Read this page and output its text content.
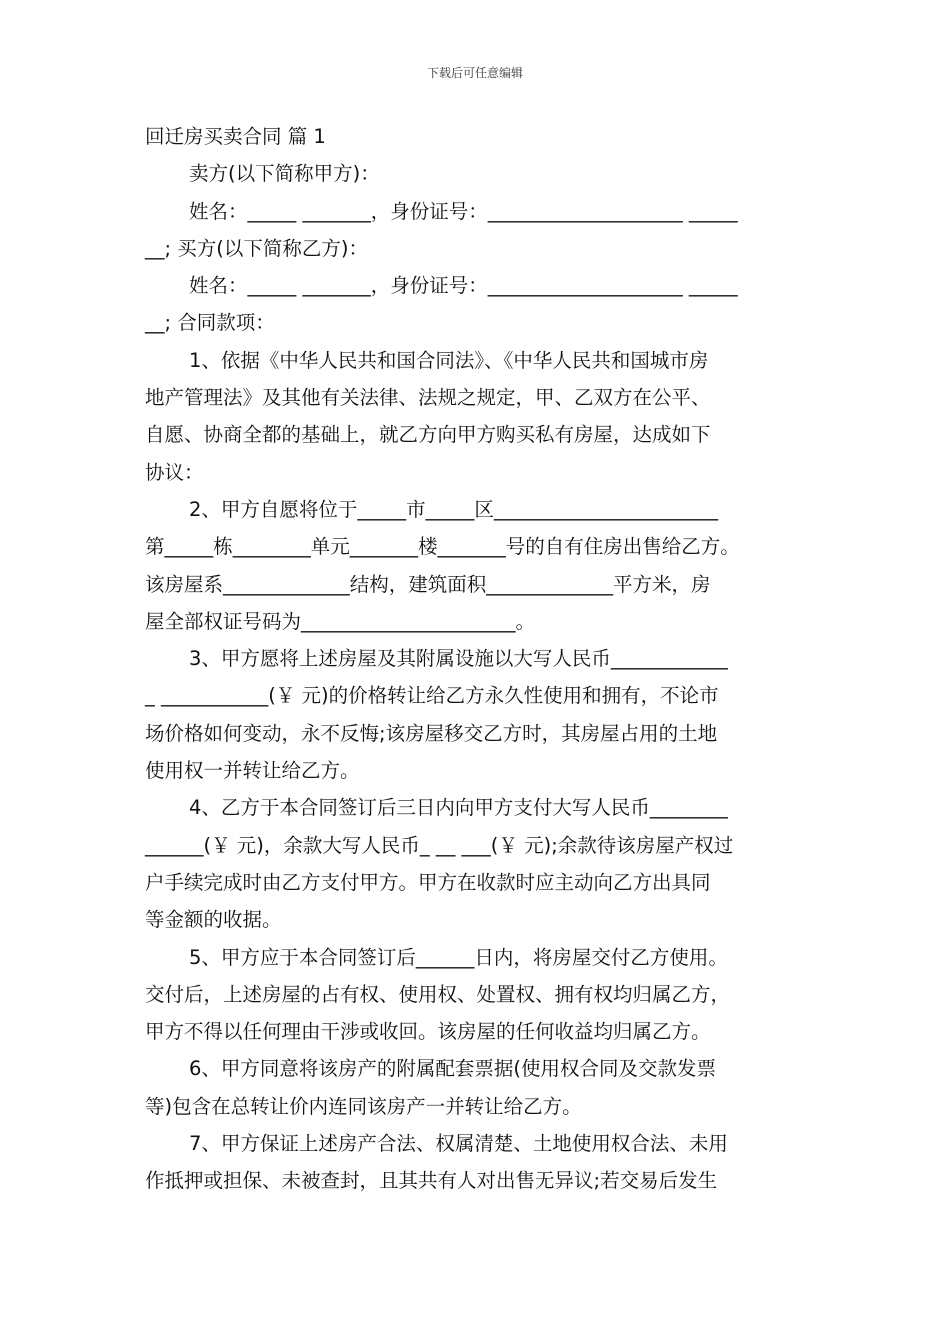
下载后可任意编辑

回迁房买卖合同 篇 1

卖方(以下简称甲方)：

姓名：_____ _______，身份证号：____________________ _____

__; 买方(以下简称乙方)：

姓名：_____ _______，身份证号：____________________ _____

__; 合同款项：

1、依据《中华人民共和国合同法》、《中华人民共和国城市房

地产管理法》及其他有关法律、法规之规定，甲、乙双方在公平、

自愿、协商全都的基础上，就乙方向甲方购买私有房屋，达成如下

协议：

2、甲方自愿将位于_____市_____区_______________________

第_____栋________单元_______楼_______号的自有住房出售给乙方。

该房屋系_____________结构，建筑面积_____________平方米，房

屋全部权证号码为______________________。

3、甲方愿将上述房屋及其附属设施以大写人民币____________

_ ___________(￥ 元)的价格转让给乙方永久性使用和拥有，不论市

场价格如何变动，永不反悔;该房屋移交乙方时，其房屋占用的土地

使用权一并转让给乙方。

4、乙方于本合同签订后三日内向甲方支付大写人民币________

______(￥ 元)，余款大写人民币_ __ ___(￥ 元);余款待该房屋产权过

户手续完成时由乙方支付甲方。甲方在收款时应主动向乙方出具同

等金额的收据。

5、甲方应于本合同签订后______日内，将房屋交付乙方使用。

交付后，上述房屋的占有权、使用权、处置权、拥有权均归属乙方，

甲方不得以任何理由干涉或收回。该房屋的任何收益均归属乙方。

6、甲方同意将该房产的附属配套票据(使用权合同及交款发票

等)包含在总转让价内连同该房产一并转让给乙方。

7、甲方保证上述房产合法、权属清楚、土地使用权合法、未用

作抵押或担保、未被查封，且其共有人对出售无异议;若交易后发生
